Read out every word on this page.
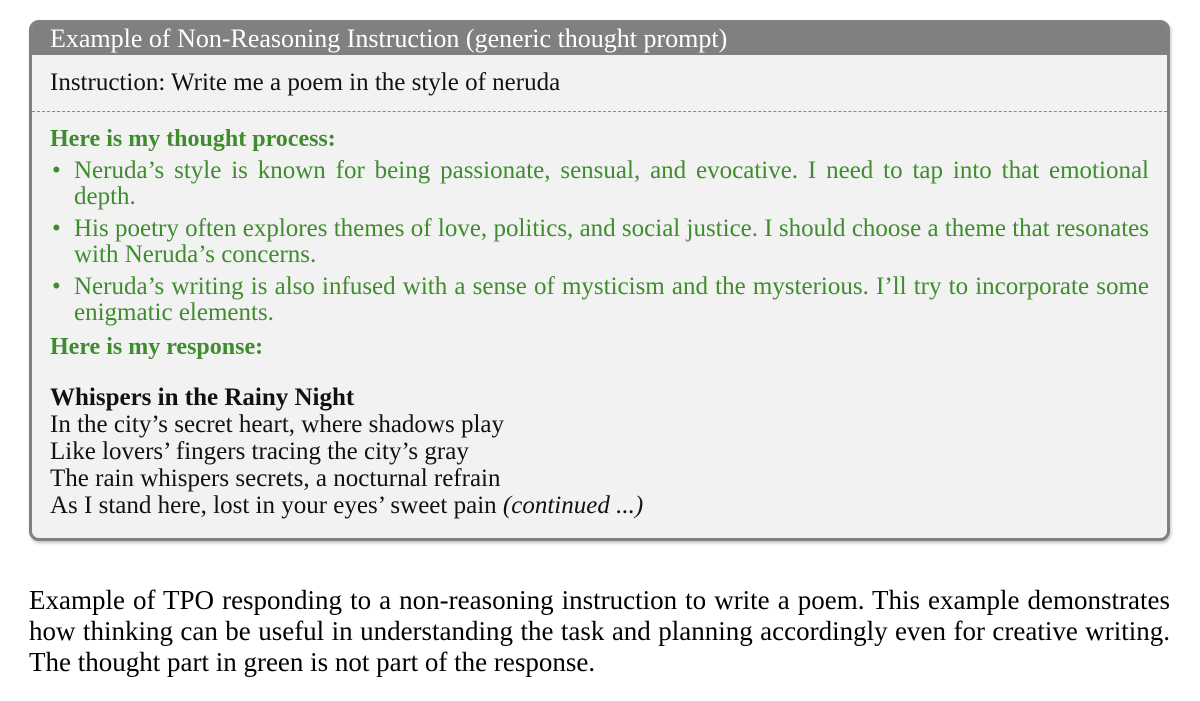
Example of Non-Reasoning Instruction (generic thought prompt)
Instruction: Write me a poem in the style of neruda
Here is my thought process:
• Neruda’s style is known for being passionate, sensual, and evocative. I need to tap into that emotional depth.
• His poetry often explores themes of love, politics, and social justice. I should choose a theme that resonates with Neruda’s concerns.
• Neruda’s writing is also infused with a sense of mysticism and the mysterious. I’ll try to incorporate some enigmatic elements.
Here is my response:
Whispers in the Rainy Night
In the city’s secret heart, where shadows play
Like lovers’ fingers tracing the city’s gray
The rain whispers secrets, a nocturnal refrain
As I stand here, lost in your eyes’ sweet pain (continued ...)
Example of TPO responding to a non-reasoning instruction to write a poem. This example demonstrates how thinking can be useful in understanding the task and planning accordingly even for creative writing. The thought part in green is not part of the response.
